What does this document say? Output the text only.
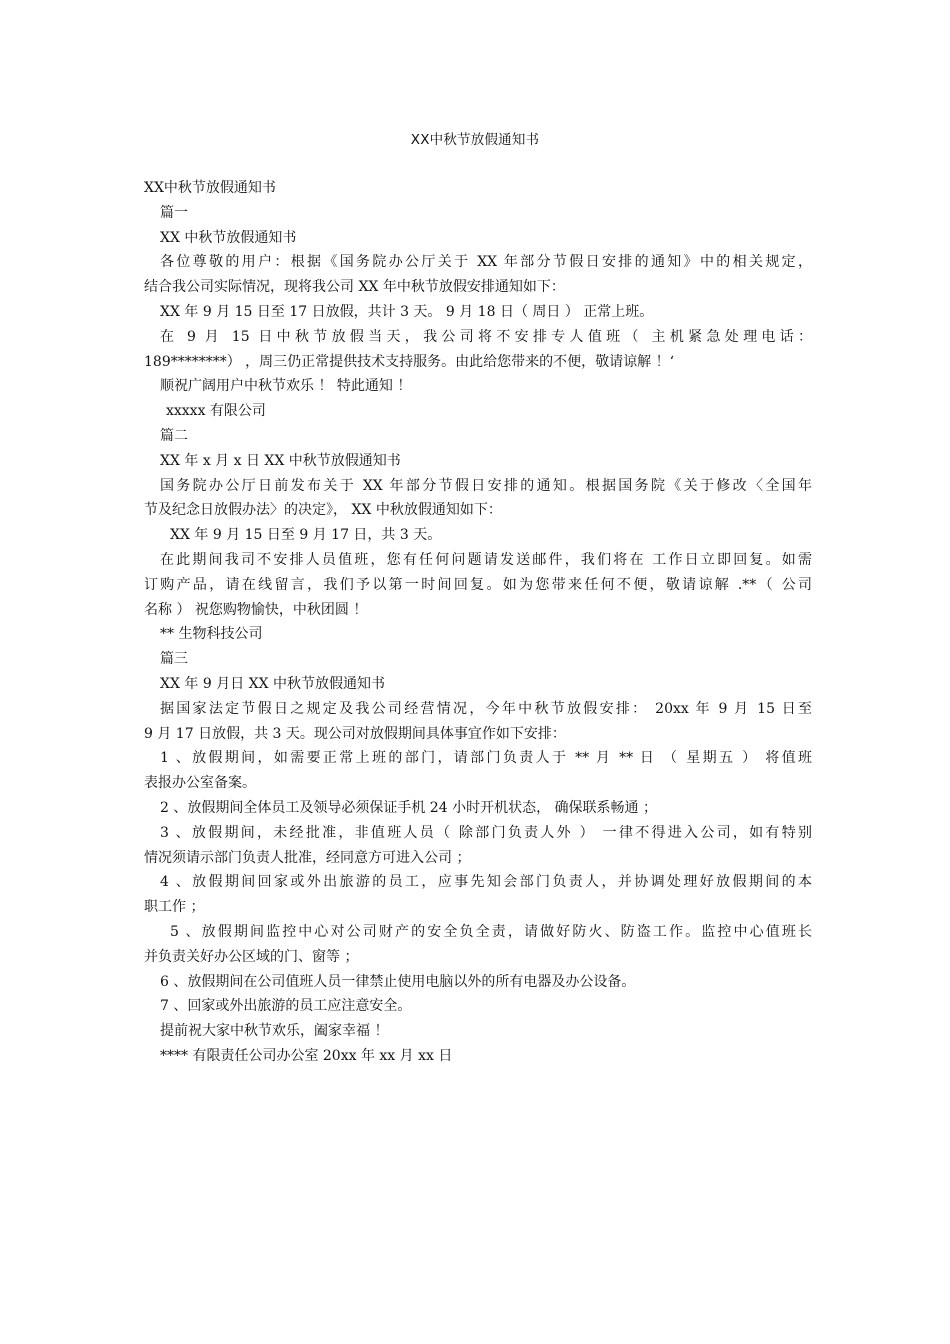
XX中秋节放假通知书

XX中秋节放假通知书

篇一

XX 中秋节放假通知书

各位尊敬的用户：根据《国务院办公厅关于 XX 年部分节假日安排的通知》中的相关规定，

结合我公司实际情况，现将我公司 XX 年中秋节放假安排通知如下：

XX 年 9 月 15 日至 17 日放假，共计 3 天。 9 月 18 日（ 周日 ） 正常上班。

在 9 月 15 日中秋节放假当天，我公司将不安排专人值班（ 主机紧急处理电话：

189********） ，周三仍正常提供技术支持服务。由此给您带来的不便，敬请谅解 ！‘

顺祝广阔用户中秋节欢乐 ！ 特此通知 ！

xxxxx 有限公司

篇二

XX 年 x 月 x 日 XX 中秋节放假通知书

国务院办公厅日前发布关于 XX 年部分节假日安排的通知。根据国务院《关于修改〈全国年

节及纪念日放假办法〉的决定》， XX 中秋放假通知如下：

XX 年 9 月 15 日至 9 月 17 日，共 3 天。

在此期间我司不安排人员值班，您有任何问题请发送邮件，我们将在 工作日立即回复。如需

订购产品，请在线留言，我们予以第一时间回复。如为您带来任何不便，敬请谅解 .**（ 公司

名称 ） 祝您购物愉快，中秋团圆 ！

** 生物科技公司

篇三

XX 年 9 月日 XX 中秋节放假通知书

据国家法定节假日之规定及我公司经营情况，今年中秋节放假安排： 20xx 年 9 月 15 日至

9 月 17 日放假，共 3 天。现公司对放假期间具体事宜作如下安排：

1 、放假期间，如需要正常上班的部门，请部门负责人于 ** 月 ** 日 （ 星期五 ） 将值班

表报办公室备案。

2 、放假期间全体员工及领导必须保证手机 24 小时开机状态， 确保联系畅通 ；

3 、放假期间，未经批准，非值班人员（ 除部门负责人外 ） 一律不得进入公司，如有特别

情况须请示部门负责人批准，经同意方可进入公司 ；

4 、放假期间回家或外出旅游的员工，应事先知会部门负责人，并协调处理好放假期间的本

职工作 ；

5 、放假期间监控中心对公司财产的安全负全责，请做好防火、防盗工作。监控中心值班长

并负责关好办公区域的门、窗等 ；

6 、放假期间在公司值班人员一律禁止使用电脑以外的所有电器及办公设备。

7 、回家或外出旅游的员工应注意安全。

提前祝大家中秋节欢乐，阖家幸福 ！

**** 有限责任公司办公室 20xx 年 xx 月 xx 日
